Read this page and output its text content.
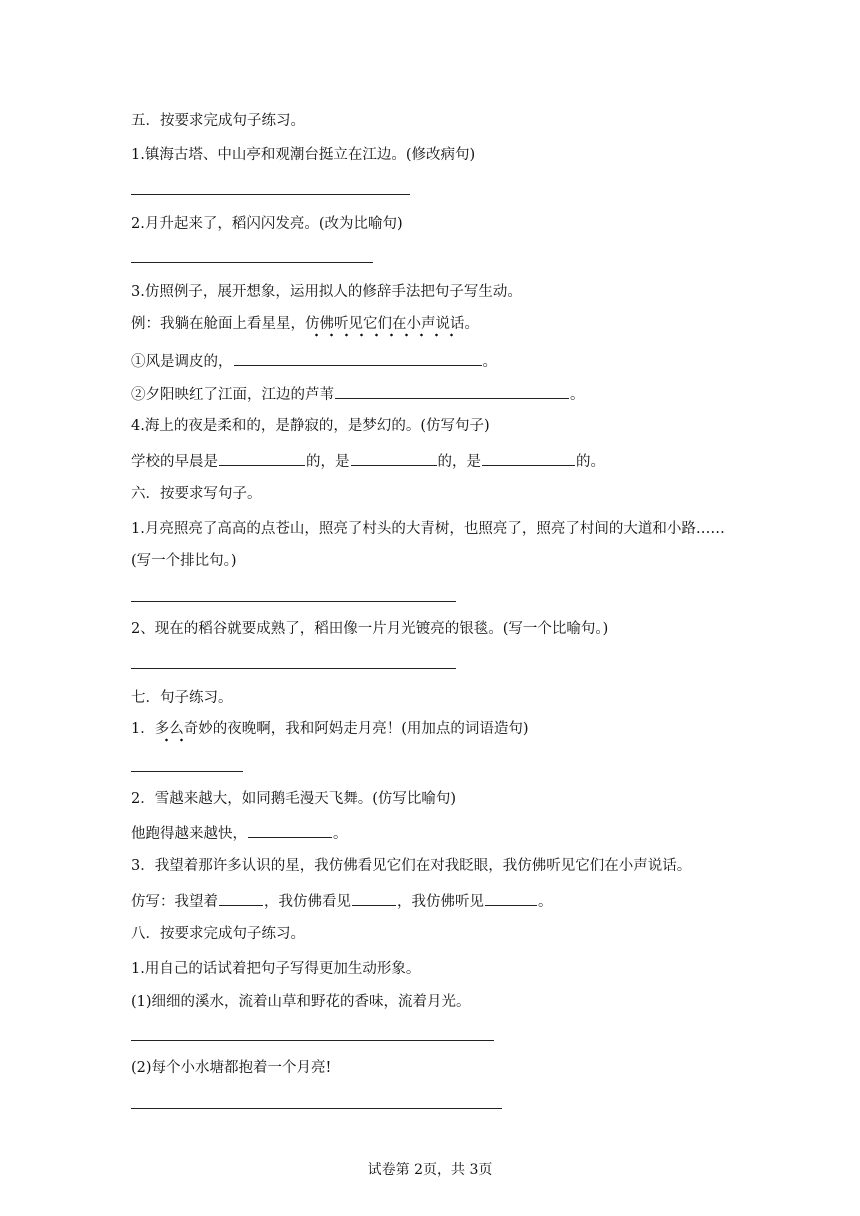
五．按要求完成句子练习。
1.镇海古塔、中山亭和观潮台挺立在江边。(修改病句)
2.月升起来了，稻闪闪发亮。(改为比喻句)
3.仿照例子，展开想象，运用拟人的修辞手法把句子写生动。
例：我躺在舱面上看星星，仿佛听见它们在小声说话。
①风是调皮的，	。
②夕阳映红了江面，江边的芦苇	。
4.海上的夜是柔和的，是静寂的，是梦幻的。(仿写句子)
学校的早晨是	的，是	的，是	的。
六．按要求写句子。
1.月亮照亮了高高的点苍山，照亮了村头的大青树，也照亮了，照亮了村间的大道和小路……
(写一个排比句。)
2、现在的稻谷就要成熟了，稻田像一片月光镀亮的银毯。(写一个比喻句。)
七．句子练习。
1．多么奇妙的夜晚啊，我和阿妈走月亮！(用加点的词语造句)
2．雪越来越大，如同鹅毛漫天飞舞。(仿写比喻句)
他跑得越来越快，	。
3．我望着那许多认识的星，我仿佛看见它们在对我眨眼，我仿佛听见它们在小声说话。
仿写：我望着	，我仿佛看见	，我仿佛听见	。
八．按要求完成句子练习。
1.用自己的话试着把句子写得更加生动形象。
(1)细细的溪水，流着山草和野花的香味，流着月光。
(2)每个小水塘都抱着一个月亮!
试卷第 2页，共 3页
